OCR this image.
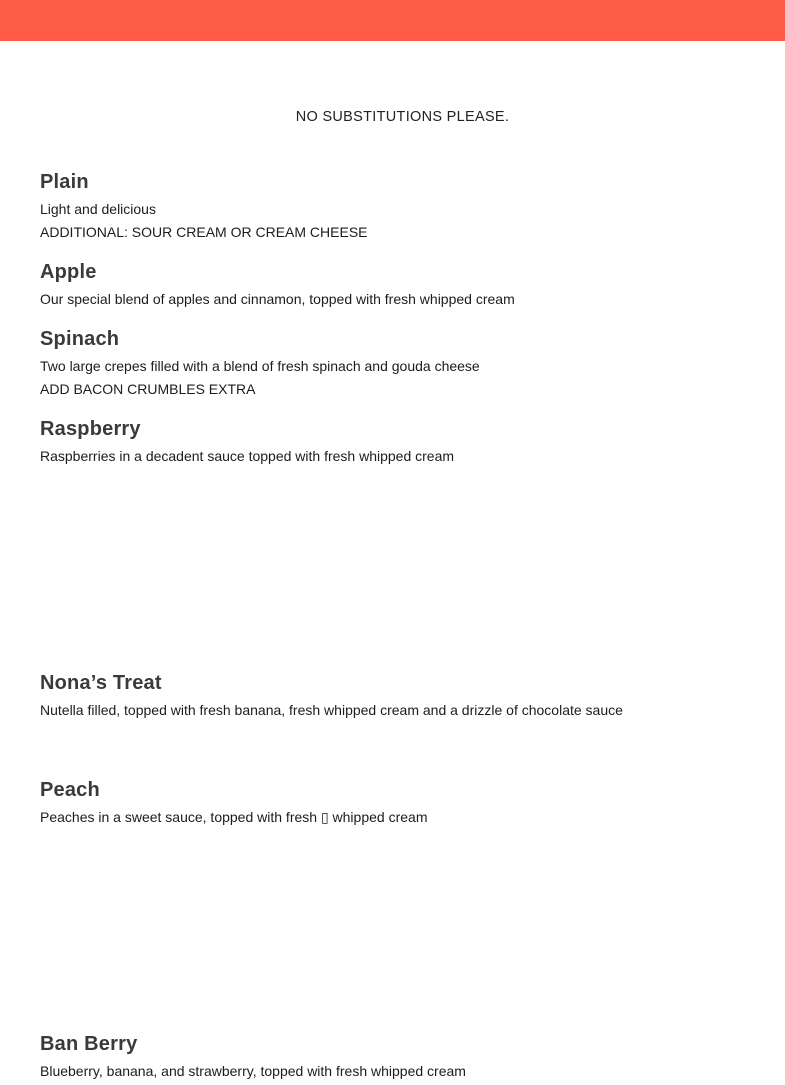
NO SUBSTITUTIONS PLEASE.
Plain
Light and delicious
ADDITIONAL: SOUR CREAM OR CREAM CHEESE
Apple
Our special blend of apples and cinnamon, topped with fresh whipped cream
Spinach
Two large crepes filled with a blend of fresh spinach and gouda cheese
ADD BACON CRUMBLES EXTRA
Raspberry
Raspberries in a decadent sauce topped with fresh whipped cream
Nona’s Treat
Nutella filled, topped with fresh banana, fresh whipped cream and a drizzle of chocolate sauce
Peach
Peaches in a sweet sauce, topped with fresh ▯ whipped cream
Ban Berry
Blueberry, banana, and strawberry, topped with fresh whipped cream
